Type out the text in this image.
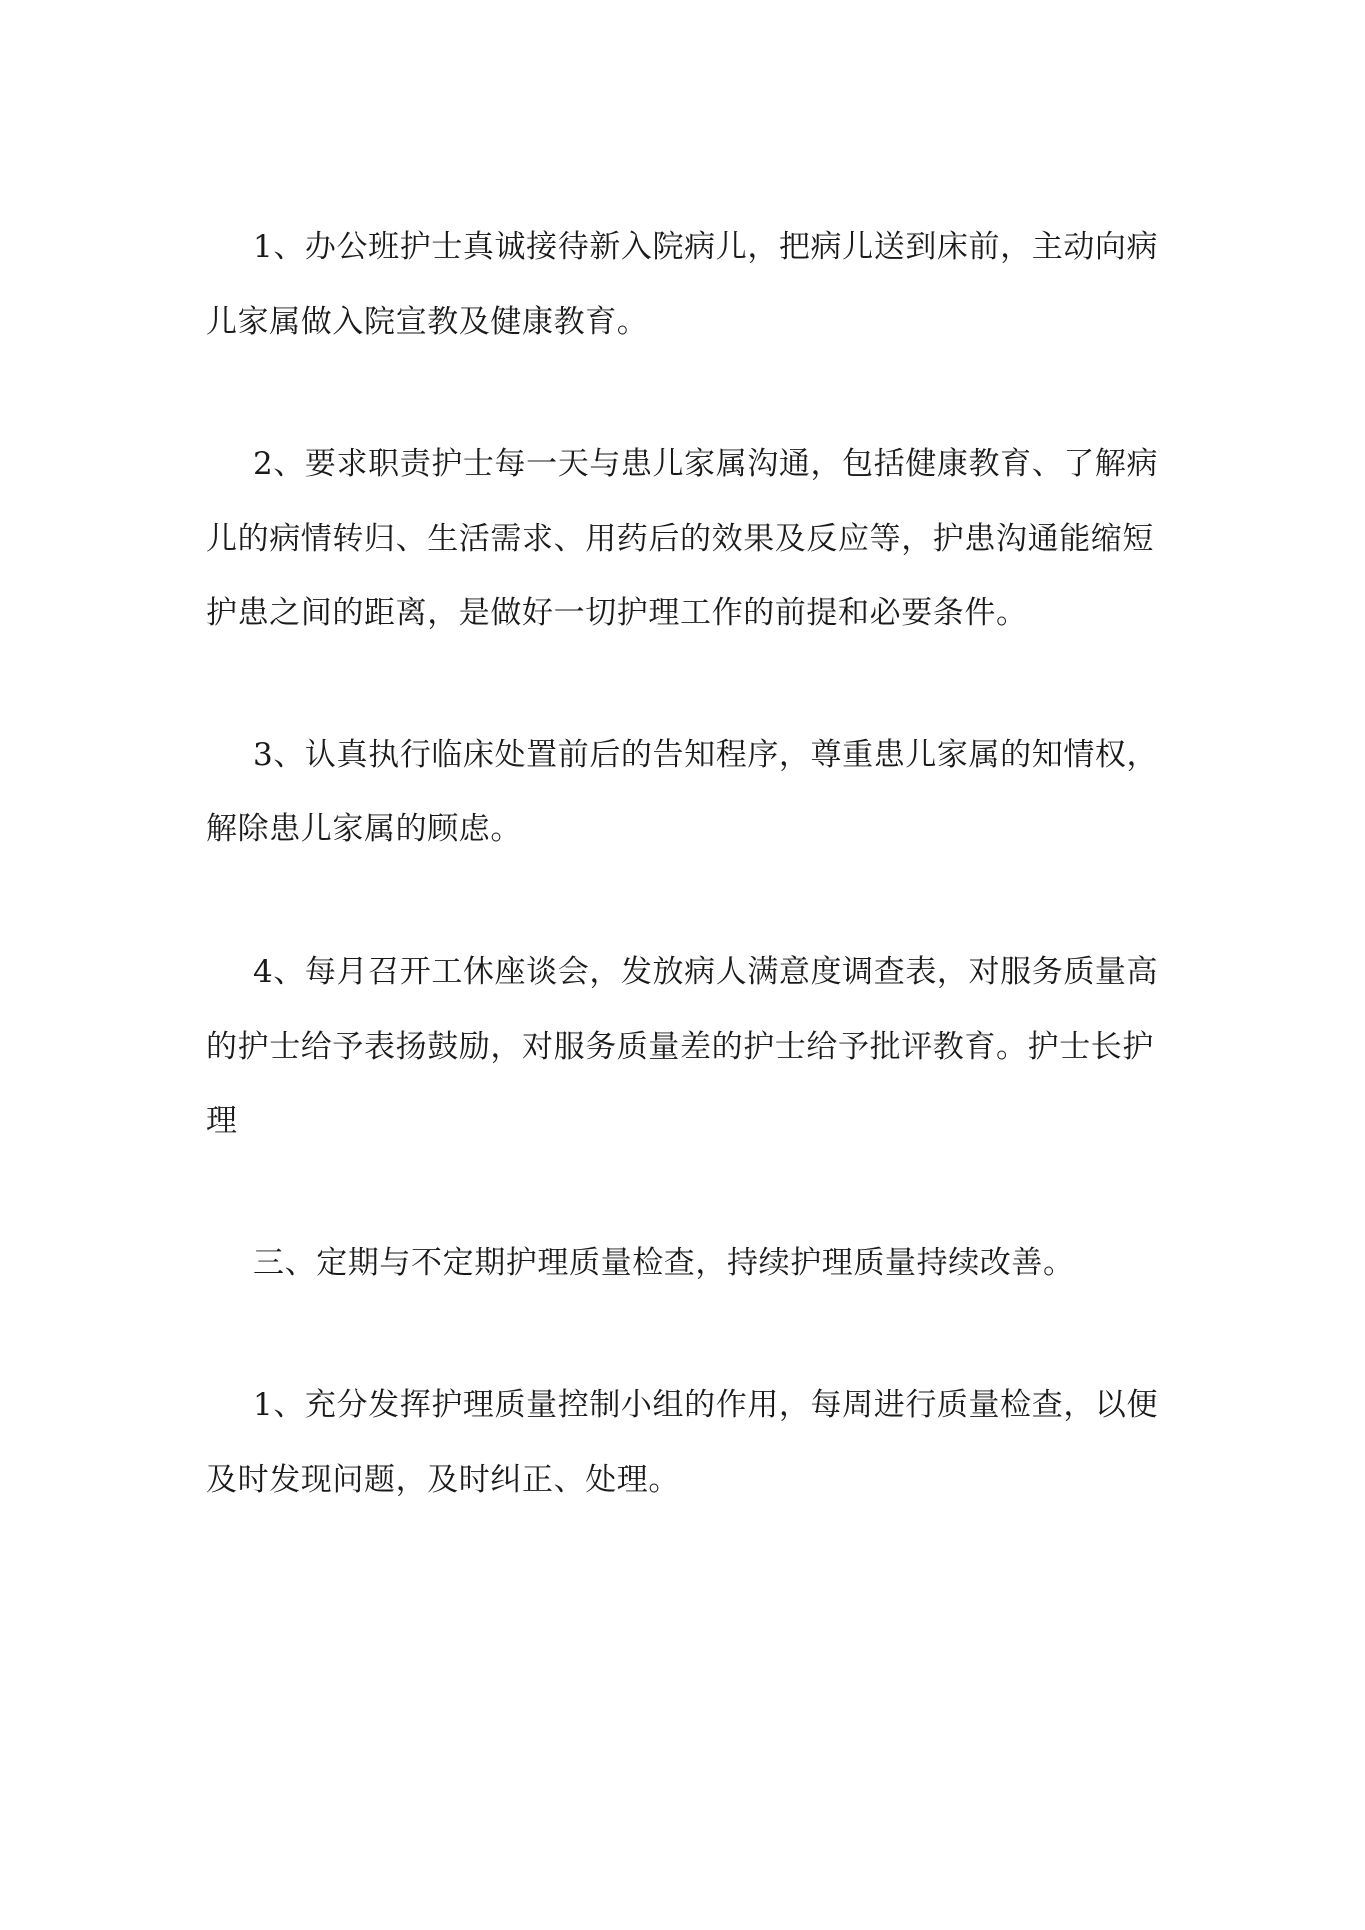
1、办公班护士真诚接待新入院病儿，把病儿送到床前，主动向病

儿家属做入院宣教及健康教育。

2、要求职责护士每一天与患儿家属沟通，包括健康教育、了解病

儿的病情转归、生活需求、用药后的效果及反应等，护患沟通能缩短

护患之间的距离，是做好一切护理工作的前提和必要条件。

3、认真执行临床处置前后的告知程序，尊重患儿家属的知情权，

解除患儿家属的顾虑。

4、每月召开工休座谈会，发放病人满意度调查表，对服务质量高

的护士给予表扬鼓励，对服务质量差的护士给予批评教育。护士长护

理

三、定期与不定期护理质量检查，持续护理质量持续改善。

1、充分发挥护理质量控制小组的作用，每周进行质量检查，以便

及时发现问题，及时纠正、处理。
